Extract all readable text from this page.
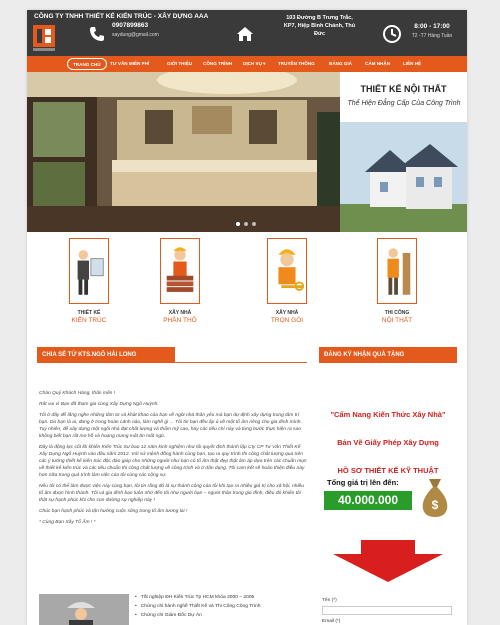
CÔNG TY TNHH THIẾT KẾ KIẾN TRÚC - XÂY DỰNG AAA
0907899863
saydung@gmail.com
103 Đường B Trưng Trắc, KP7, Hiệp Bình Chánh, Thủ Đức
8:00 - 17:00
T2 -T7 Hàng Tuần
TRANG CHỦ	TƯ VẤN MIỄN PHÍ	GIỚI THIỆU CÔNG TRÌNH DỊCH VỤ ▾	TRUYỀN THÔNG	BẢNG GIÁ	CẢM NHẬN	LIÊN HỆ
THIẾT KẾ NỘI THẤT
Thể Hiện Đẳng Cấp Của Công Trình
THIẾT KẾ
KIẾN TRÚC
XÂY NHÀ
PHẦN THÔ
XÂY NHÀ
TRỌN GÓI
THI CÔNG
NỘI THẤT
CHIA SẺ TỪ KTS.NGÔ HẢI LONG	ĐĂNG KÝ NHẬN QUÀ TẶNG

Chào Quý Khách Hàng, thân mến !

Rất vui vì Bạn đã tham gia cùng Xây Dựng Ngô Huỳnh.

Tôi ở đây để lắng nghe những tâm tư và khát khao của bạn về ngôi nhà thân yêu mà bạn dự định xây dựng trong tâm trí bạn. Dù bạn là ai, đang ở trong hoàn cảnh nào, làm nghề gì ... Tôi tin bạn đều ấp ủ về một tổ ấm riêng cho gia đình mình. Tuy nhiên, để xây dựng một ngôi nhà đạt chất lượng và thẩm mỹ cao, hay các tiêu chí này và từng bước thực hiện ra sao không biết bạn rất mơ hồ và hoang mang mất ăn mất ngủ.

Đây là động lực cốt lõi khiến Kiến Trúc Sư bao 12 năm kinh nghiệm như tôi quyết định thành lập Cty CP Tư Vấn Thiết Kế Xây Dựng Ngô Huỳnh vào đầu năm 2012. Với sứ mệnh đồng hành cùng bạn, tạo ra quy trình thi công chất lượng qua trên các ý tưởng thiết kế kiến trúc độc đáo giúp cho những người như bạn có tổ ấm thật đẹp thật ấm áp dựa trên các chuẩn mực về thiết kế kiến trúc và các tiêu chuẩn thi công chất lượng về công trình và ở dân dụng. Tôi cam kết sẽ hoàn thiện điều này hơn nữa trong quá trình làm việc của tôi cùng các cộng sự.

Nếu tôi có thể làm được việc này cùng bạn, tôi tin rằng đó là sự thành công của tôi khi tạo ra nhiều giá trị cho xã hội, nhiều tổ ấm được hình thành. Tôi và gia đình bạn luôn nhớ đến tôi như người bạn – người thân trong gia đình, điều đó khiến tôi thật sự hạnh phúc khi cho con đường sự nghiệp này !

Chúc bạn hạnh phúc và tận hưởng cuộc sống trong tổ ấm tương lai !

* Cùng Bạn Xây Tổ Ấm ! *

• Tốt nghiệp ĐH Kiến Trúc Tp HCM khóa 2000 – 2005
• Chứng chỉ hành nghề Thiết Kế và Thi Công Công Trình
• Chứng chỉ Giám Đốc Dự Án
"Cẩm Nang Kiến Thức Xây Nhà"
Bản Vẽ Giấy Phép Xây Dựng
HỒ SƠ THIẾT KẾ KỸ THUẬT
Tổng giá trị lên đến:
40.000.000	$
Tên (*)
Email (*)
